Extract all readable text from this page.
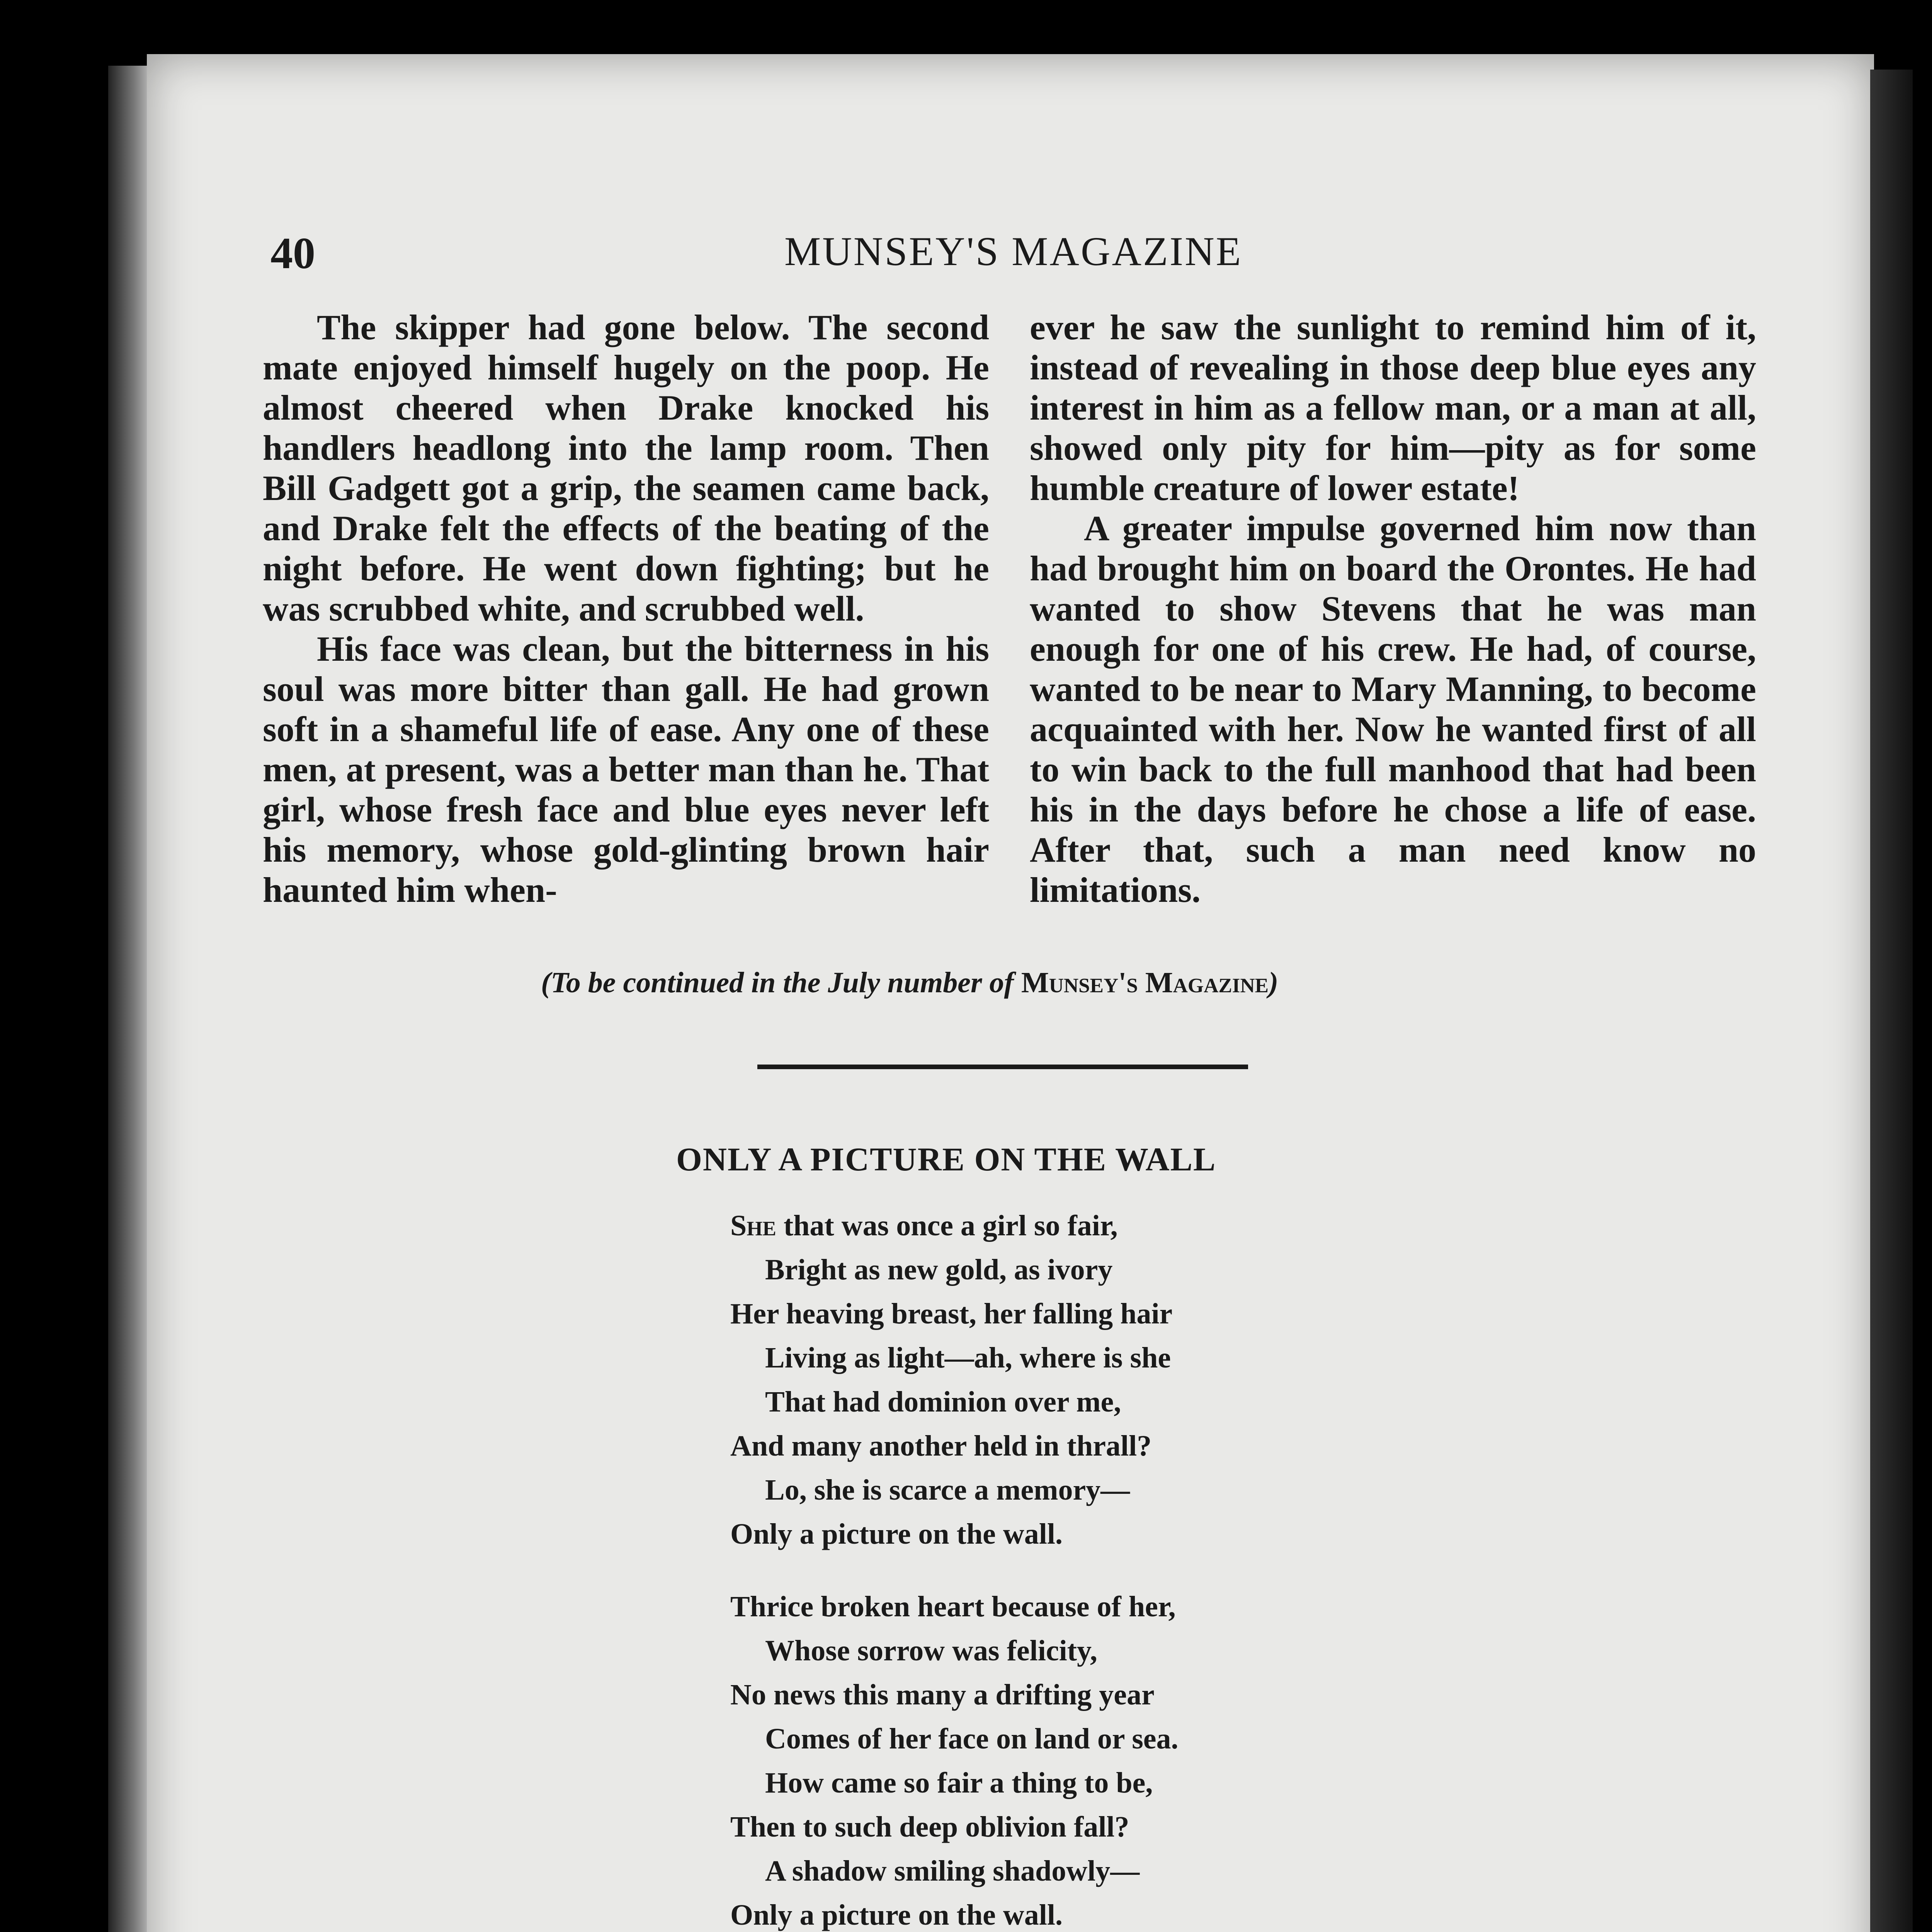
40	MUNSEY'S MAGAZINE

The skipper had gone below. The second mate enjoyed himself hugely on the poop. He almost cheered when Drake knocked his handlers headlong into the lamp room. Then Bill Gadgett got a grip, the seamen came back, and Drake felt the effects of the beating of the night before. He went down fighting; but he was scrubbed white, and scrubbed well.

His face was clean, but the bitterness in his soul was more bitter than gall. He had grown soft in a shameful life of ease. Any one of these men, at present, was a better man than he. That girl, whose fresh face and blue eyes never left his memory, whose gold-glinting brown hair haunted him when-

ever he saw the sunlight to remind him of it, instead of revealing in those deep blue eyes any interest in him as a fellow man, or a man at all, showed only pity for him—pity as for some humble creature of lower estate!

A greater impulse governed him now than had brought him on board the Orontes. He had wanted to show Stevens that he was man enough for one of his crew. He had, of course, wanted to be near to Mary Manning, to become acquainted with her. Now he wanted first of all to win back to the full manhood that had been his in the days before he chose a life of ease. After that, such a man need know no limitations.

(To be continued in the July number of Munsey's Magazine)
ONLY A PICTURE ON THE WALL
She that was once a girl so fair,
Bright as new gold, as ivory
Her heaving breast, her falling hair
Living as light—ah, where is she
That had dominion over me,
And many another held in thrall?
Lo, she is scarce a memory—
Only a picture on the wall.
Thrice broken heart because of her,
Whose sorrow was felicity,
No news this many a drifting year
Comes of her face on land or sea.
How came so fair a thing to be,
Then to such deep oblivion fall?
A shadow smiling shadowly—
Only a picture on the wall.
